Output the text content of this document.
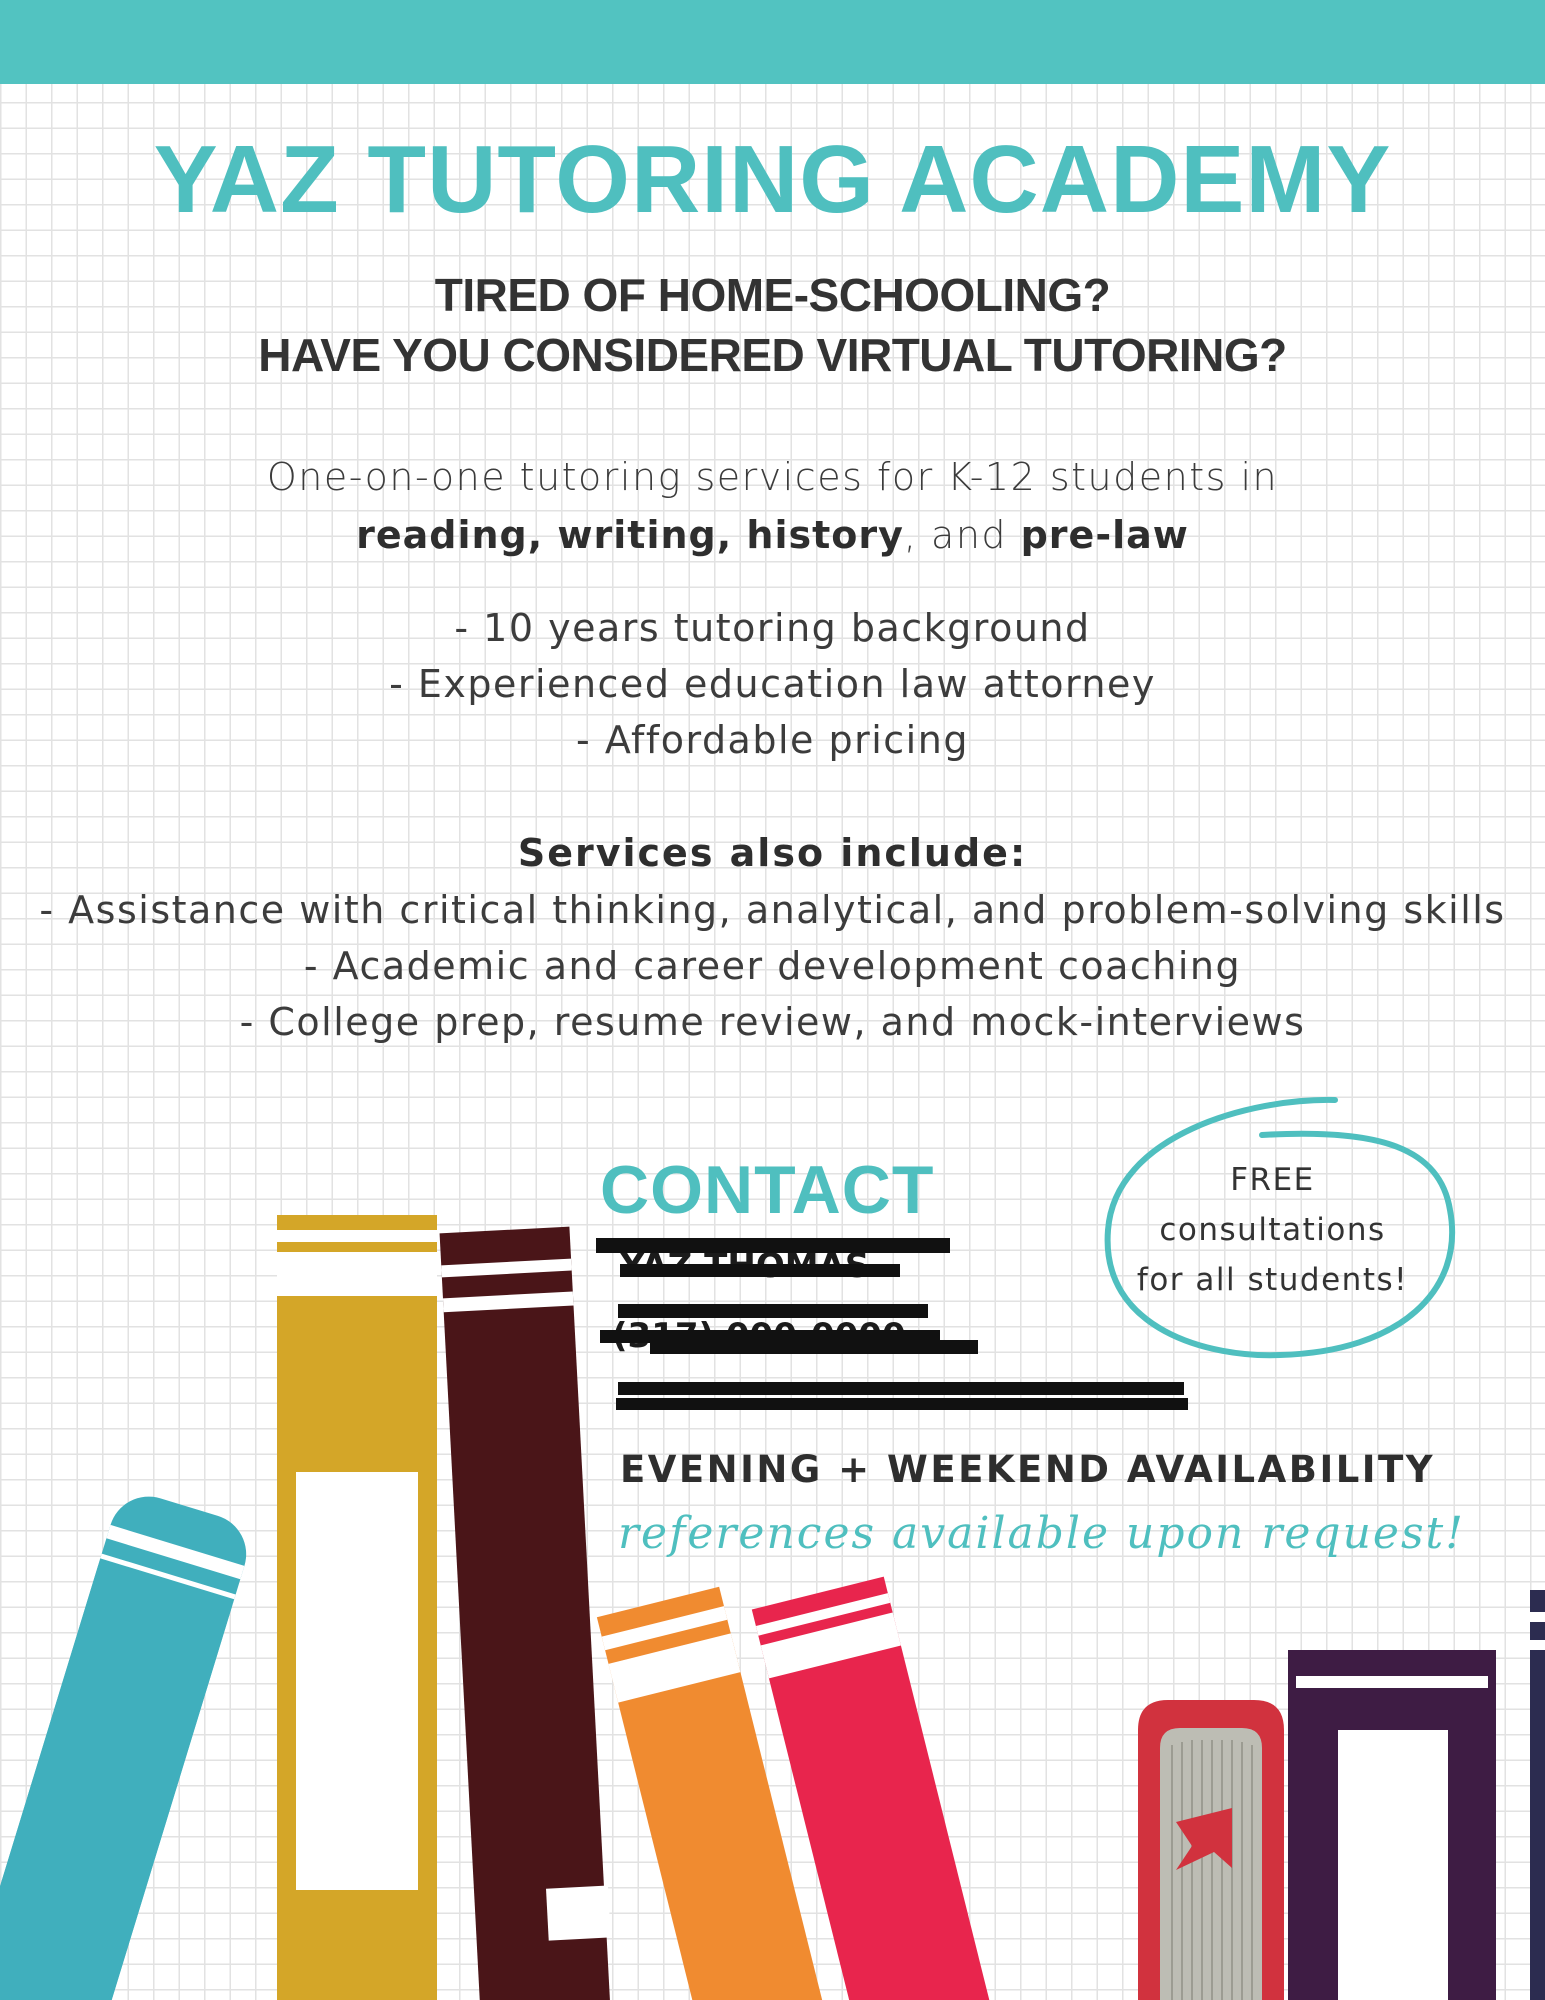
YAZ TUTORING ACADEMY
TIRED OF HOME-SCHOOLING?
HAVE YOU CONSIDERED VIRTUAL TUTORING?
One-on-one tutoring services for K-12 students in
reading, writing, history, and pre-law
- 10 years tutoring background
- Experienced education law attorney
- Affordable pricing
Services also include:
- Assistance with critical thinking, analytical, and problem-solving skills
- Academic and career development coaching
- College prep, resume review, and mock-interviews
FREE
consultations
for all students!
CONTACT
EVENING + WEEKEND AVAILABILITY
references available upon request!
